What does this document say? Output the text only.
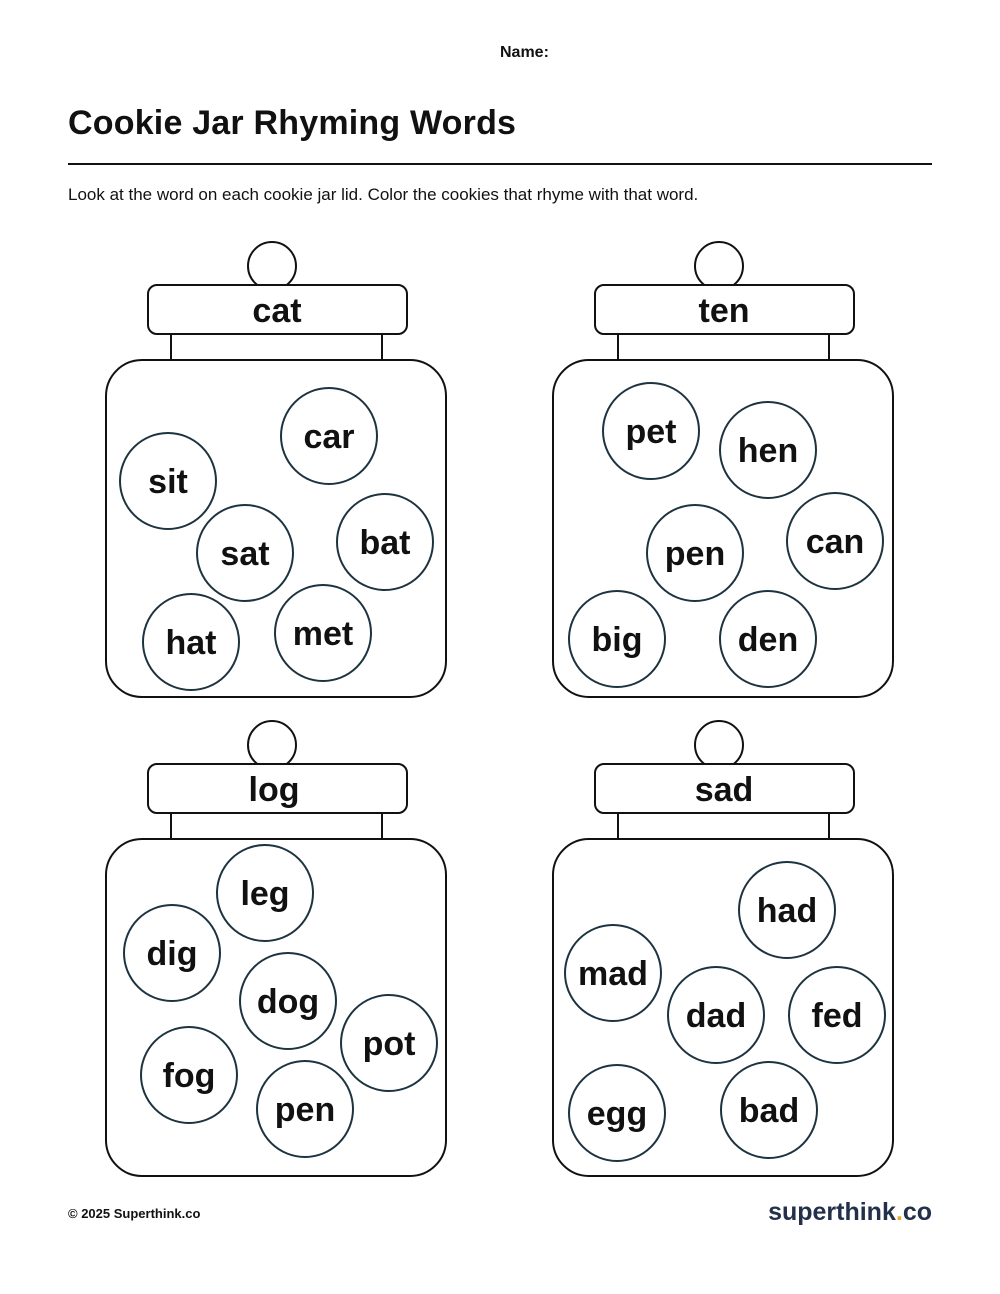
Name:
Cookie Jar Rhyming Words

Look at the word on each cookie jar lid. Color the cookies that rhyme with that word.

cat
car
sit
sat	bat
hat met
ten
pet hen
pen can
big	den
log
leg
dig
dog
pot
fog
pen
sad
had
mad
dad fed
egg	bad
© 2025 Superthink.co	superthink.co
